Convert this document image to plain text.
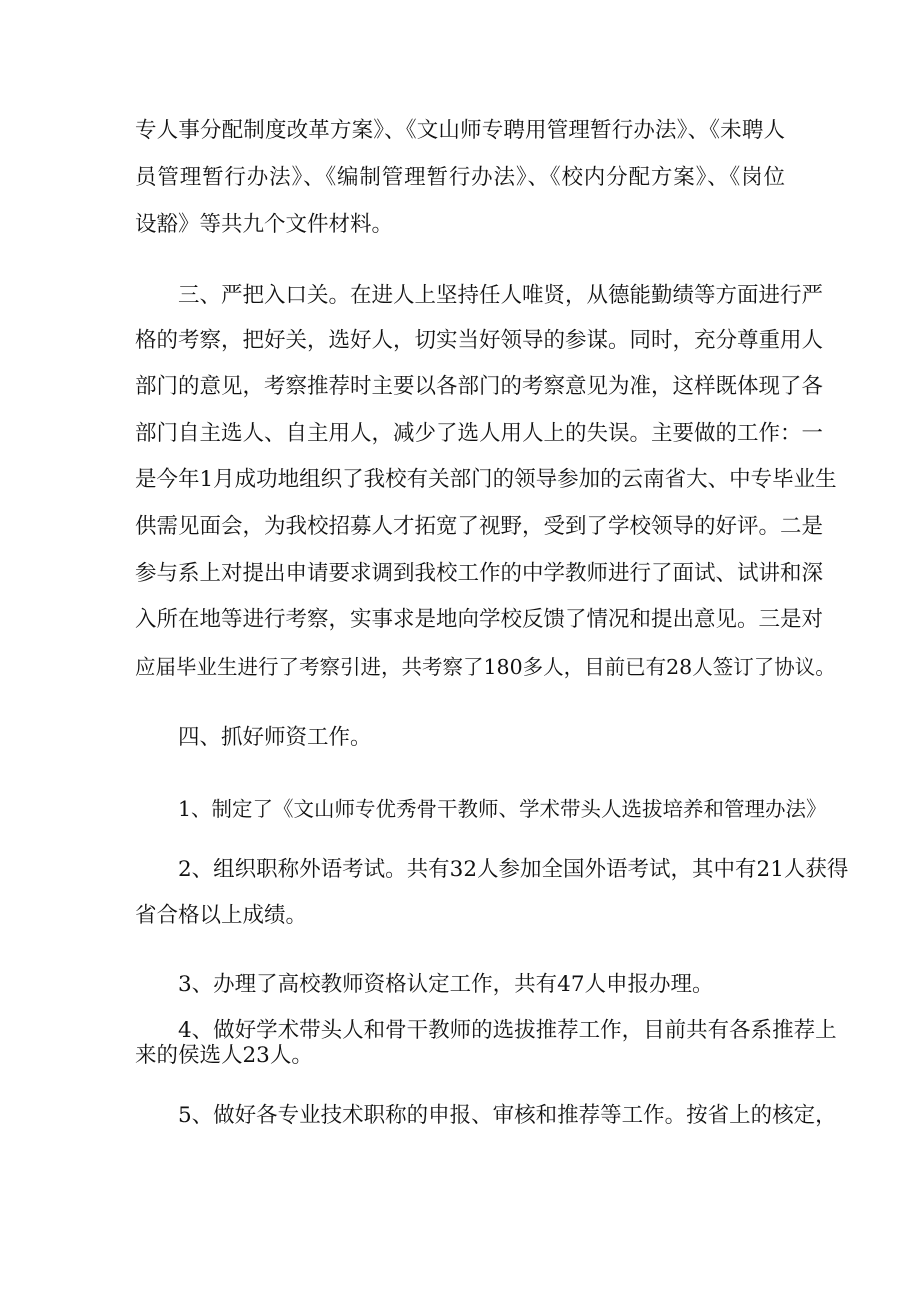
专人事分配制度改革方案》、《文山师专聘用管理暂行办法》、《未聘人

员管理暂行办法》、《编制管理暂行办法》、《校内分配方案》、《岗位

设豁》等共九个文件材料。

三、严把入口关。在进人上坚持任人唯贤，从德能勤绩等方面进行严

格的考察，把好关，选好人，切实当好领导的参谋。同时，充分尊重用人

部门的意见，考察推荐时主要以各部门的考察意见为准，这样既体现了各

部门自主选人、自主用人，减少了选人用人上的失误。主要做的工作：一

是今年1月成功地组织了我校有关部门的领导参加的云南省大、中专毕业生

供需见面会，为我校招募人才拓宽了视野，受到了学校领导的好评。二是

参与系上对提出申请要求调到我校工作的中学教师进行了面试、试讲和深

入所在地等进行考察，实事求是地向学校反馈了情况和提出意见。三是对

应届毕业生进行了考察引进，共考察了180多人，目前已有28人签订了协议。

四、抓好师资工作。

1、制定了《文山师专优秀骨干教师、学术带头人选拔培养和管理办法》

2、组织职称外语考试。共有32人参加全国外语考试，其中有21人获得

省合格以上成绩。

3、办理了高校教师资格认定工作，共有47人申报办理。

4、做好学术带头人和骨干教师的选拔推荐工作，目前共有各系推荐上

来的侯选人23人。

5、做好各专业技术职称的申报、审核和推荐等工作。按省上的核定，
